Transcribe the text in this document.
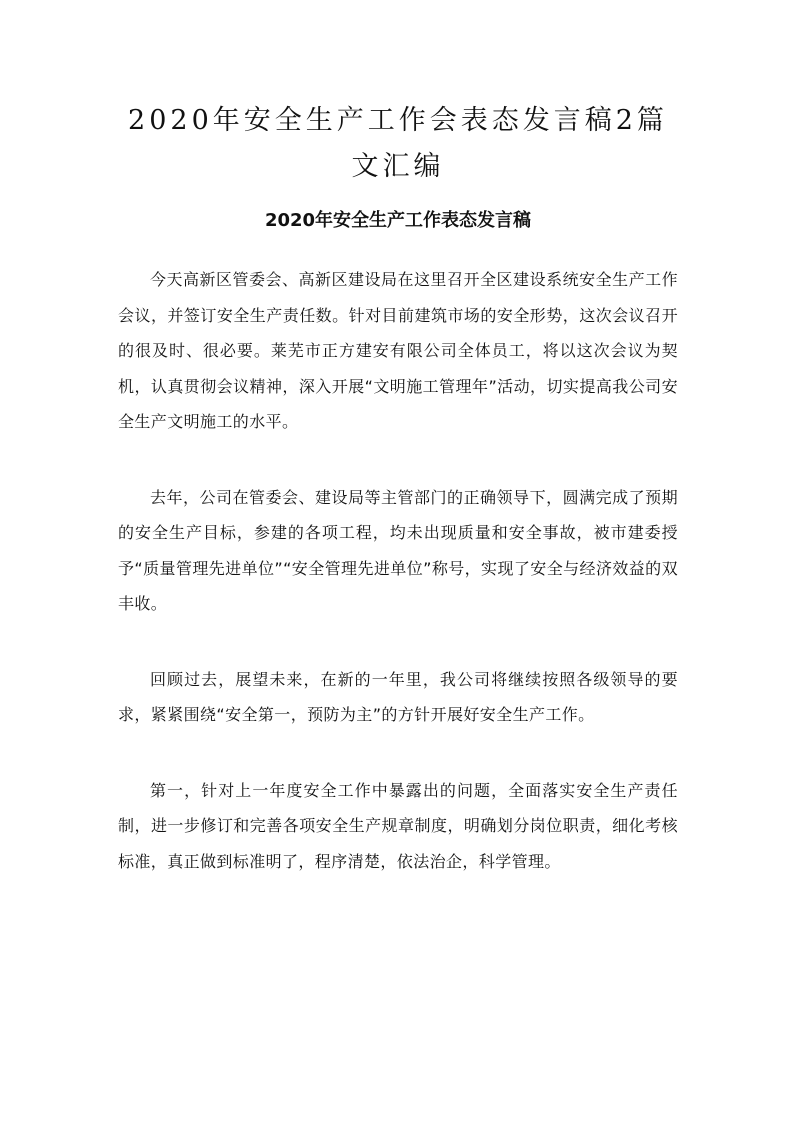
2020年安全生产工作会表态发言稿2篇文汇编
2020年安全生产工作表态发言稿

今天高新区管委会、高新区建设局在这里召开全区建设系统安全生产工作会议，并签订安全生产责任数。针对目前建筑市场的安全形势，这次会议召开的很及时、很必要。莱芜市正方建安有限公司全体员工，将以这次会议为契机，认真贯彻会议精神，深入开展“文明施工管理年”活动，切实提高我公司安全生产文明施工的水平。

去年，公司在管委会、建设局等主管部门的正确领导下，圆满完成了预期的安全生产目标，参建的各项工程，均未出现质量和安全事故，被市建委授予“质量管理先进单位”“安全管理先进单位”称号，实现了安全与经济效益的双丰收。

回顾过去，展望未来，在新的一年里，我公司将继续按照各级领导的要求，紧紧围绕“安全第一，预防为主”的方针开展好安全生产工作。

第一，针对上一年度安全工作中暴露出的问题，全面落实安全生产责任制，进一步修订和完善各项安全生产规章制度，明确划分岗位职责，细化考核标准，真正做到标准明了，程序清楚，依法治企，科学管理。
